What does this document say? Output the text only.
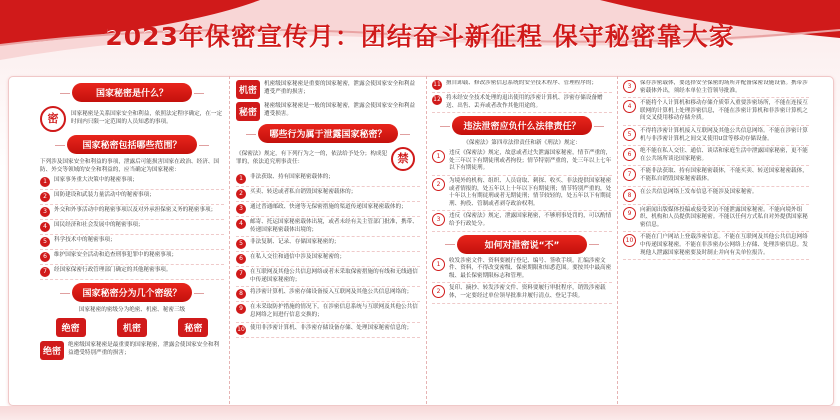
2023年保密宣传月：团结奋斗新征程 保守秘密靠大家
国家秘密是什么？
密	国家秘密是关系国家安全和利益，依照法定程序确定，在一定时间内只限一定范围的人员知悉的事项。

国家秘密包括哪些范围？

下列涉及国家安全和利益的事项，泄露后可能损害国家在政治、经济、国防、外交等领域的安全和利益的，应当确定为国家秘密：

1	国家事务重大决策中的秘密事项；
2	国防建设和武装力量活动中的秘密事项；
3	外交和外事活动中的秘密事项以及对外承担保密义务的秘密事项；
4	国民经济和社会发展中的秘密事项；
5	科学技术中的秘密事项；
6	维护国家安全活动和追查刑事犯罪中的秘密事项；
7	经国家保密行政管理部门确定的其他秘密事项。
国家秘密分为几个密级？

国家秘密的密级分为绝密、机密、秘密三级

绝密	机密	秘密
绝密

绝密级国家秘密是最重要的国家秘密，泄露会使国家安全和利益遭受特别严重的损害；

机密

机密级国家秘密是重要的国家秘密，泄露会使国家安全和利益遭受严重的损害；

秘密

秘密级国家秘密是一般的国家秘密，泄露会使国家安全和利益遭受损害。

哪些行为属于泄露国家秘密？

《保密法》规定，有下列行为之一的，依法给予处分；构成犯罪的，依法追究刑事责任：	禁
1	非法获取、持有国家秘密载体的；
2	买卖、转送或者私自销毁国家秘密载体的；
3	通过普通邮政、快递等无保密措施的渠道传递国家秘密载体的；
4	邮寄、托运国家秘密载体出境，或者未经有关主管部门批准，携带、传递国家秘密载体出境的；
5	非法复制、记录、存储国家秘密的；
6	在私人交往和通信中涉及国家秘密的；
7	在互联网及其他公共信息网络或者未采取保密措施的有线和无线通信中传递国家秘密的；
8	将涉密计算机、涉密存储设备接入互联网及其他公共信息网络的；
9	在未采取防护措施的情况下，在涉密信息系统与互联网及其他公共信息网络之间进行信息交换的；
10 使用非涉密计算机、非涉密存储设备存储、处理国家秘密信息的；
11 擅自卸载、修改涉密信息系统的安全技术程序、管理程序的；
12 将未经安全技术处理的退出使用的涉密计算机、涉密存储设备赠送、出售、丢弃或者改作其他用途的。
违法泄密应负什么法律责任？

《保密法》第四章法律责任和新《刑法》规定：

1	违反《保密法》规定，故意或者过失泄露国家秘密，情节严重的，处三年以下有期徒刑或者拘役；情节特别严重的，处三年以上七年以下有期徒刑。
2	为境外的机构、组织、人员窃取、刺探、收买、非法提供国家秘密或者情报的，处五年以上十年以下有期徒刑；情节特别严重的，处十年以上有期徒刑或者无期徒刑；情节较轻的，处五年以下有期徒刑、拘役、管制或者剥夺政治权利。
3	违反《保密法》规定，泄露国家秘密，不够刑事处罚的，可以酌情给予行政处分。
如何对泄密说“不”
1	收发涉密文件、资料要履行登记、编号、签收手续。汇编涉密文件、资料，不得改变密级、保密期限和知悉范围。要按其中最高密级、最长保密期限标志和管理。
2	复印、摘抄、转发涉密文件、资料要履行审批程序，销毁涉密载体，一定要经过单位领导批准并履行清点、登记手续。
3	保存涉密载体，要选择安全保密的场所并配备保密设施设备。携带涉密载体外出，须经本单位主管领导批准。
4	不能将个人计算机和移动存储介质带入重要涉密场所，不能在连接互联网的计算机上处理涉密信息，不能在涉密计算机和非涉密计算机之间交叉使用移动存储介质。
5	不得将涉密计算机接入互联网及其他公共信息网络。不能在涉密计算机与非涉密计算机之间交叉使用U盘等移动存储设备。
6	绝不能在私人交往、通信、谈话和家庭生活中泄露国家秘密，更不能在公共场所谈论国家秘密。
7	不能非法获取、持有国家秘密载体，不能买卖、转送国家秘密载体，不能私自销毁国家秘密载体。
8	在公共信息网络上发布信息不能涉及国家秘密。
9	向新闻出版媒体投稿或接受采访不能泄露国家秘密。不能向境外组织、机构和人员提供国家秘密。不能以任何方式私自对外提供国家秘密信息。
10	不能在门户网站上登载涉密信息。不能在互联网及其他公共信息网络中传递国家秘密。不能在非涉密办公网络上存储、处理涉密信息。发现他人泄露国家秘密要及时制止并向有关单位报告。
